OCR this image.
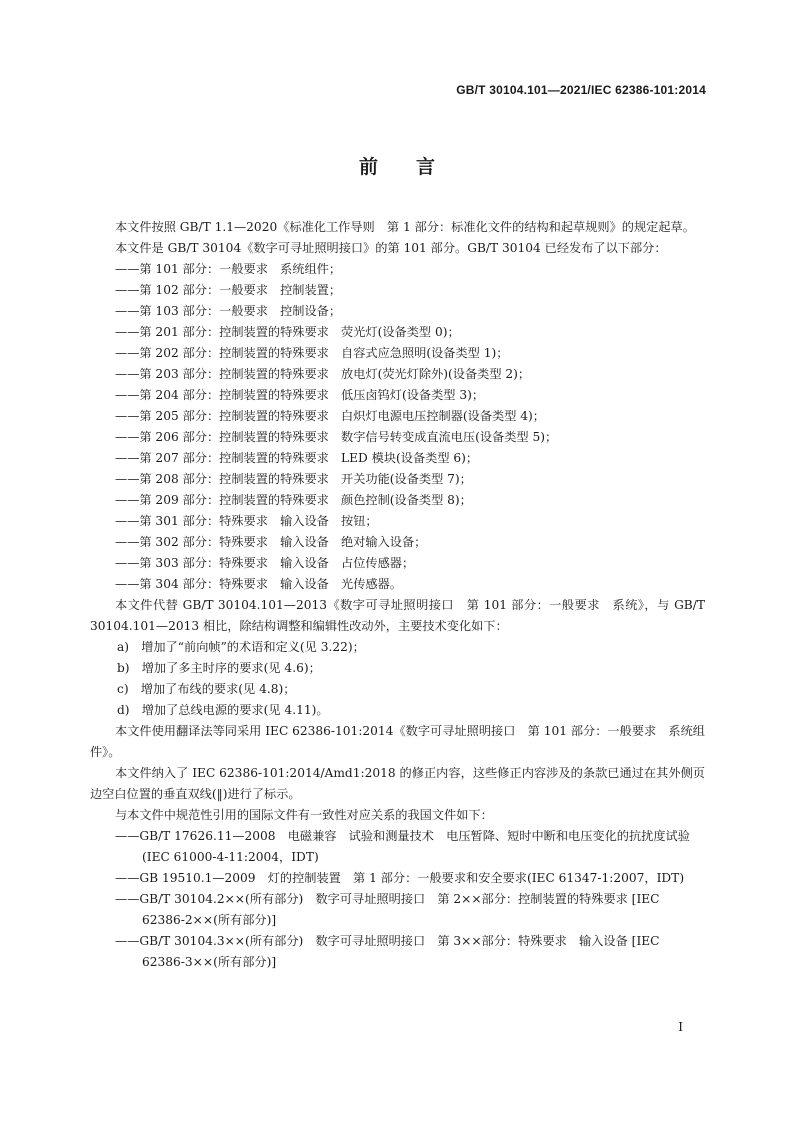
GB/T 30104.101—2021/IEC 62386-101:2014
前言

本文件按照 GB/T 1.1—2020《标准化工作导则　第 1 部分：标准化文件的结构和起草规则》的规定起草。

本文件是 GB/T 30104《数字可寻址照明接口》的第 101 部分。GB/T 30104 已经发布了以下部分：

——第 101 部分：一般要求　系统组件；

——第 102 部分：一般要求　控制装置；

——第 103 部分：一般要求　控制设备；

——第 201 部分：控制装置的特殊要求　荧光灯(设备类型 0)；

——第 202 部分：控制装置的特殊要求　自容式应急照明(设备类型 1)；

——第 203 部分：控制装置的特殊要求　放电灯(荧光灯除外)(设备类型 2)；

——第 204 部分：控制装置的特殊要求　低压卤钨灯(设备类型 3)；

——第 205 部分：控制装置的特殊要求　白炽灯电源电压控制器(设备类型 4)；

——第 206 部分：控制装置的特殊要求　数字信号转变成直流电压(设备类型 5)；

——第 207 部分：控制装置的特殊要求　LED 模块(设备类型 6)；

——第 208 部分：控制装置的特殊要求　开关功能(设备类型 7)；

——第 209 部分：控制装置的特殊要求　颜色控制(设备类型 8)；

——第 301 部分：特殊要求　输入设备　按钮；

——第 302 部分：特殊要求　输入设备　绝对输入设备；

——第 303 部分：特殊要求　输入设备　占位传感器；

——第 304 部分：特殊要求　输入设备　光传感器。

本文件代替 GB/T 30104.101—2013《数字可寻址照明接口　第 101 部分：一般要求　系统》，与 GB/T 30104.101—2013 相比，除结构调整和编辑性改动外，主要技术变化如下：

a)　增加了“前向帧”的术语和定义(见 3.22)；

b)　增加了多主时序的要求(见 4.6)；

c)　增加了布线的要求(见 4.8)；

d)　增加了总线电源的要求(见 4.11)。

本文件使用翻译法等同采用 IEC 62386-101:2014《数字可寻址照明接口　第 101 部分：一般要求　系统组件》。

本文件纳入了 IEC 62386-101:2014/Amd1:2018 的修正内容，这些修正内容涉及的条款已通过在其外侧页边空白位置的垂直双线(‖)进行了标示。

与本文件中规范性引用的国际文件有一致性对应关系的我国文件如下：

——GB/T 17626.11—2008　电磁兼容　试验和测量技术　电压暂降、短时中断和电压变化的抗扰度试验(IEC 61000-4-11:2004，IDT)

——GB 19510.1—2009　灯的控制装置　第 1 部分：一般要求和安全要求(IEC 61347-1:2007，IDT)

——GB/T 30104.2××(所有部分)　数字可寻址照明接口　第 2××部分：控制装置的特殊要求 [IEC 62386-2××(所有部分)]

——GB/T 30104.3××(所有部分)　数字可寻址照明接口　第 3××部分：特殊要求　输入设备 [IEC 62386-3××(所有部分)]

I
